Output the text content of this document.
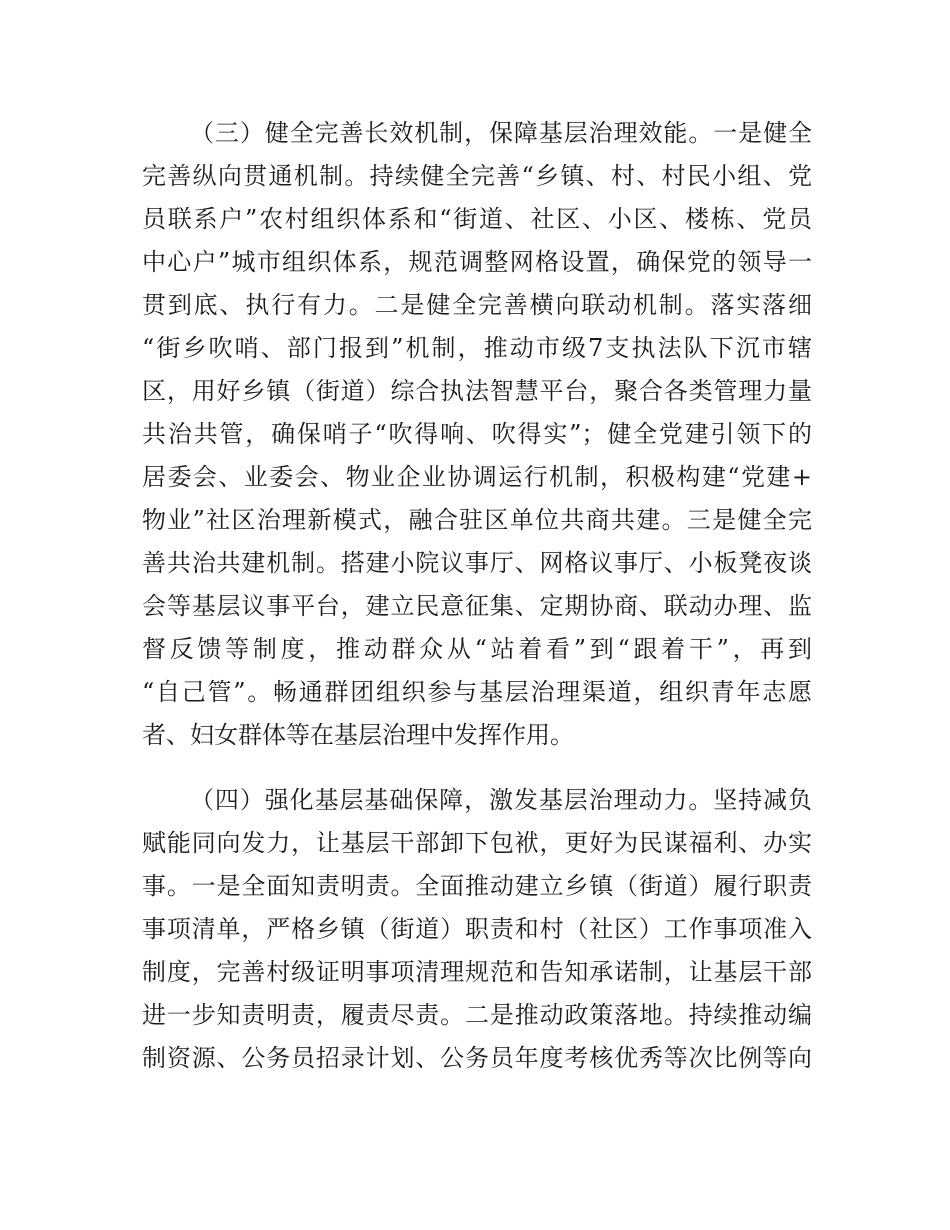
（三）健全完善长效机制，保障基层治理效能。一是健全
完善纵向贯通机制。持续健全完善“乡镇、村、村民小组、党
员联系户”农村组织体系和“街道、社区、小区、楼栋、党员
中心户”城市组织体系，规范调整网格设置，确保党的领导一
贯到底、执行有力。二是健全完善横向联动机制。落实落细
“街乡吹哨、部门报到”机制，推动市级7支执法队下沉市辖
区，用好乡镇（街道）综合执法智慧平台，聚合各类管理力量
共治共管，确保哨子“吹得响、吹得实”；健全党建引领下的
居委会、业委会、物业企业协调运行机制，积极构建“党建+
物业”社区治理新模式，融合驻区单位共商共建。三是健全完
善共治共建机制。搭建小院议事厅、网格议事厅、小板凳夜谈
会等基层议事平台，建立民意征集、定期协商、联动办理、监
督反馈等制度，推动群众从“站着看”到“跟着干”，再到
“自己管”。畅通群团组织参与基层治理渠道，组织青年志愿
者、妇女群体等在基层治理中发挥作用。
（四）强化基层基础保障，激发基层治理动力。坚持减负
赋能同向发力，让基层干部卸下包袱，更好为民谋福利、办实
事。一是全面知责明责。全面推动建立乡镇（街道）履行职责
事项清单，严格乡镇（街道）职责和村（社区）工作事项准入
制度，完善村级证明事项清理规范和告知承诺制，让基层干部
进一步知责明责，履责尽责。二是推动政策落地。持续推动编
制资源、公务员招录计划、公务员年度考核优秀等次比例等向
